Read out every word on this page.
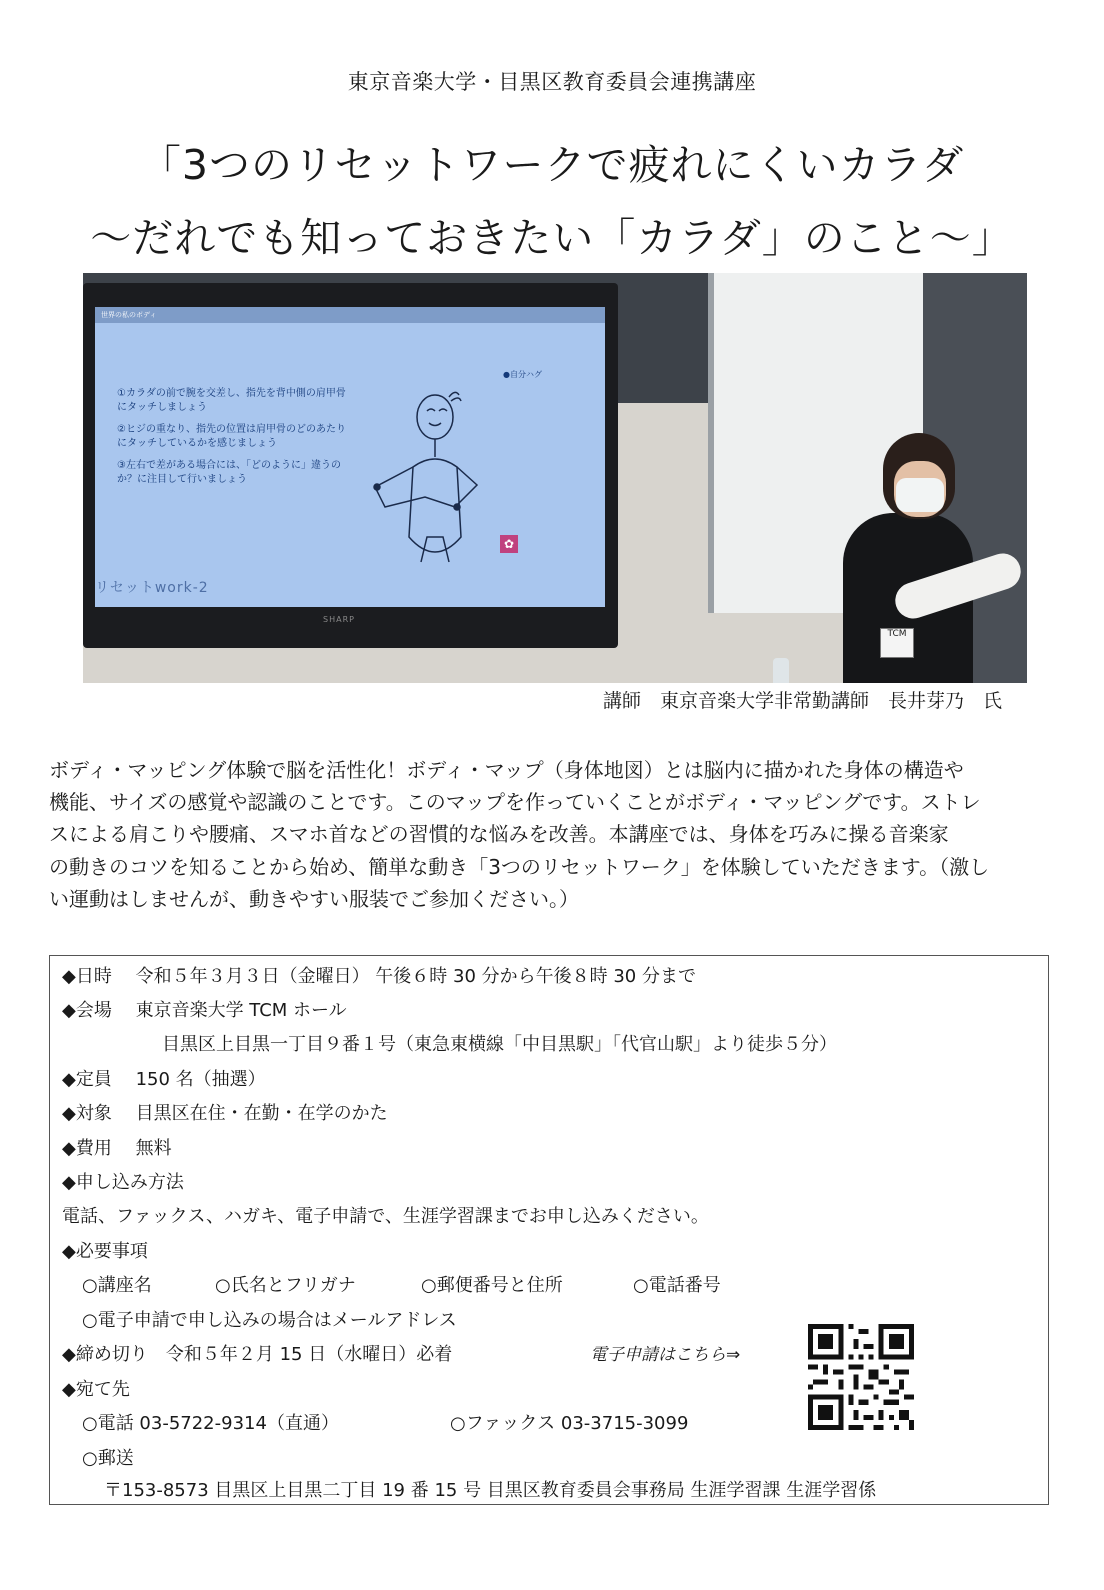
東京音楽大学・目黒区教育委員会連携講座
「3つのリセットワークで疲れにくいカラダ
～だれでも知っておきたい「カラダ」のこと～」
世界の私のボディ
●自分ハグ

①カラダの前で腕を交差し、指先を背中側の肩甲骨にタッチしましょう

②ヒジの重なり、指先の位置は肩甲骨のどのあたりにタッチしているかを感じましょう

③左右で差がある場合には、「どのように」違うのか？に注目して行いましょう

✿
リセットwork-2
SHARP
TCM
講師　東京音楽大学非常勤講師　長井芽乃　氏
ボディ・マッピング体験で脳を活性化！ボディ・マップ（身体地図）とは脳内に描かれた身体の構造や
機能、サイズの感覚や認識のことです。このマップを作っていくことがボディ・マッピングです。ストレ
スによる肩こりや腰痛、スマホ首などの習慣的な悩みを改善。本講座では、身体を巧みに操る音楽家
の動きのコツを知ることから始め、簡単な動き「3つのリセットワーク」を体験していただきます。（激し
い運動はしませんが、動きやすい服装でご参加ください。）
◆日時　 令和５年３月３日（金曜日） 午後６時 30 分から午後８時 30 分まで
◆会場　 東京音楽大学 TCM ホール
目黒区上目黒一丁目９番１号（東急東横線「中目黒駅」「代官山駅」より徒歩５分）
◆定員　 150 名（抽選）
◆対象　 目黒区在住・在勤・在学のかた
◆費用　 無料
◆申し込み方法
電話、ファックス、ハガキ、電子申請で、生涯学習課までお申し込みください。
◆必要事項
○講座名	○氏名とフリガナ	○郵便番号と住所	○電話番号
○電子申請で申し込みの場合はメールアドレス
◆締め切り　令和５年２月 15 日（水曜日）必着	電子申請はこちら⇒
◆宛て先
○電話 03-5722-9314（直通）	○ファックス 03-3715-3099
○郵送
〒153-8573 目黒区上目黒二丁目 19 番 15 号 目黒区教育委員会事務局 生涯学習課 生涯学習係
